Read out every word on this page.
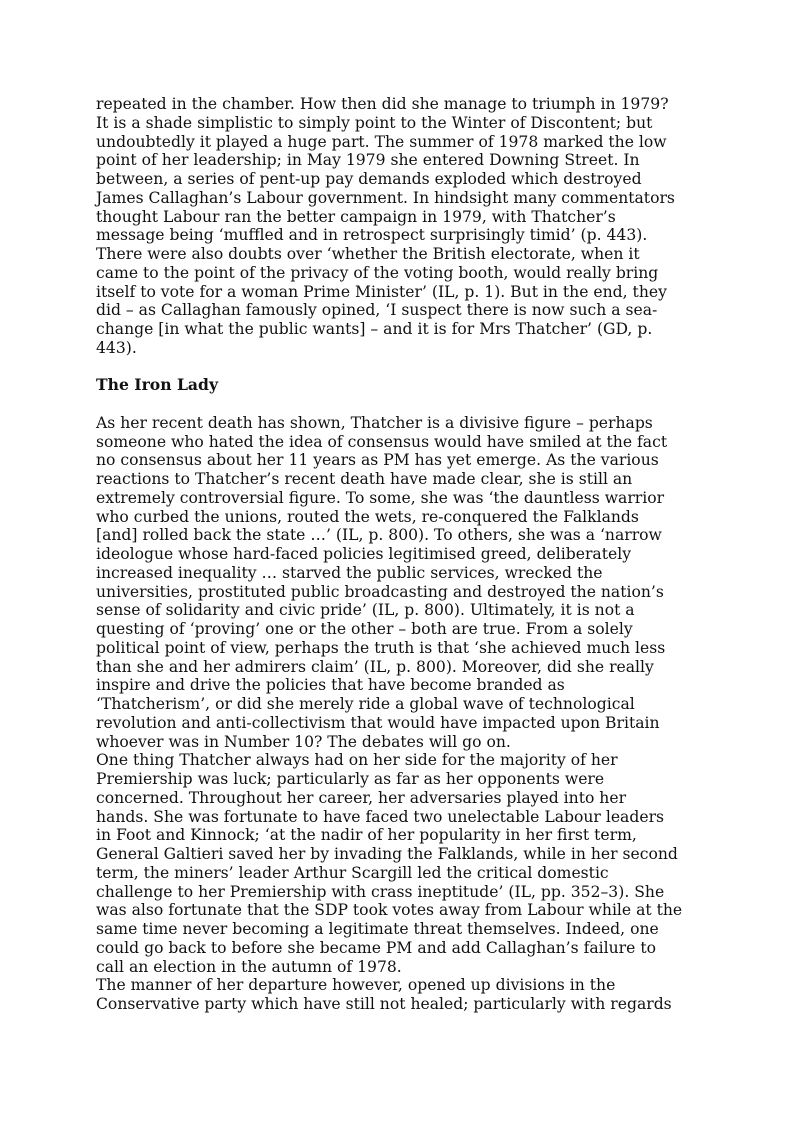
repeated in the chamber. How then did she manage to triumph in 1979?
It is a shade simplistic to simply point to the Winter of Discontent; but
undoubtedly it played a huge part. The summer of 1978 marked the low
point of her leadership; in May 1979 she entered Downing Street. In
between, a series of pent-up pay demands exploded which destroyed
James Callaghan’s Labour government. In hindsight many commentators
thought Labour ran the better campaign in 1979, with Thatcher’s
message being ‘muffled and in retrospect surprisingly timid’ (p. 443).
There were also doubts over ‘whether the British electorate, when it
came to the point of the privacy of the voting booth, would really bring
itself to vote for a woman Prime Minister’ (IL, p. 1). But in the end, they
did – as Callaghan famously opined, ‘I suspect there is now such a sea-
change [in what the public wants] – and it is for Mrs Thatcher’ (GD, p.
443).
The Iron Lady
As her recent death has shown, Thatcher is a divisive figure – perhaps
someone who hated the idea of consensus would have smiled at the fact
no consensus about her 11 years as PM has yet emerge. As the various
reactions to Thatcher’s recent death have made clear, she is still an
extremely controversial figure. To some, she was ‘the dauntless warrior
who curbed the unions, routed the wets, re-conquered the Falklands
[and] rolled back the state …’ (IL, p. 800). To others, she was a ‘narrow
ideologue whose hard-faced policies legitimised greed, deliberately
increased inequality … starved the public services, wrecked the
universities, prostituted public broadcasting and destroyed the nation’s
sense of solidarity and civic pride’ (IL, p. 800). Ultimately, it is not a
questing of ‘proving’ one or the other – both are true. From a solely
political point of view, perhaps the truth is that ‘she achieved much less
than she and her admirers claim’ (IL, p. 800). Moreover, did she really
inspire and drive the policies that have become branded as
‘Thatcherism’, or did she merely ride a global wave of technological
revolution and anti-collectivism that would have impacted upon Britain
whoever was in Number 10? The debates will go on.
One thing Thatcher always had on her side for the majority of her
Premiership was luck; particularly as far as her opponents were
concerned. Throughout her career, her adversaries played into her
hands. She was fortunate to have faced two unelectable Labour leaders
in Foot and Kinnock; ‘at the nadir of her popularity in her first term,
General Galtieri saved her by invading the Falklands, while in her second
term, the miners’ leader Arthur Scargill led the critical domestic
challenge to her Premiership with crass ineptitude’ (IL, pp. 352–3). She
was also fortunate that the SDP took votes away from Labour while at the
same time never becoming a legitimate threat themselves. Indeed, one
could go back to before she became PM and add Callaghan’s failure to
call an election in the autumn of 1978.
The manner of her departure however, opened up divisions in the
Conservative party which have still not healed; particularly with regards
